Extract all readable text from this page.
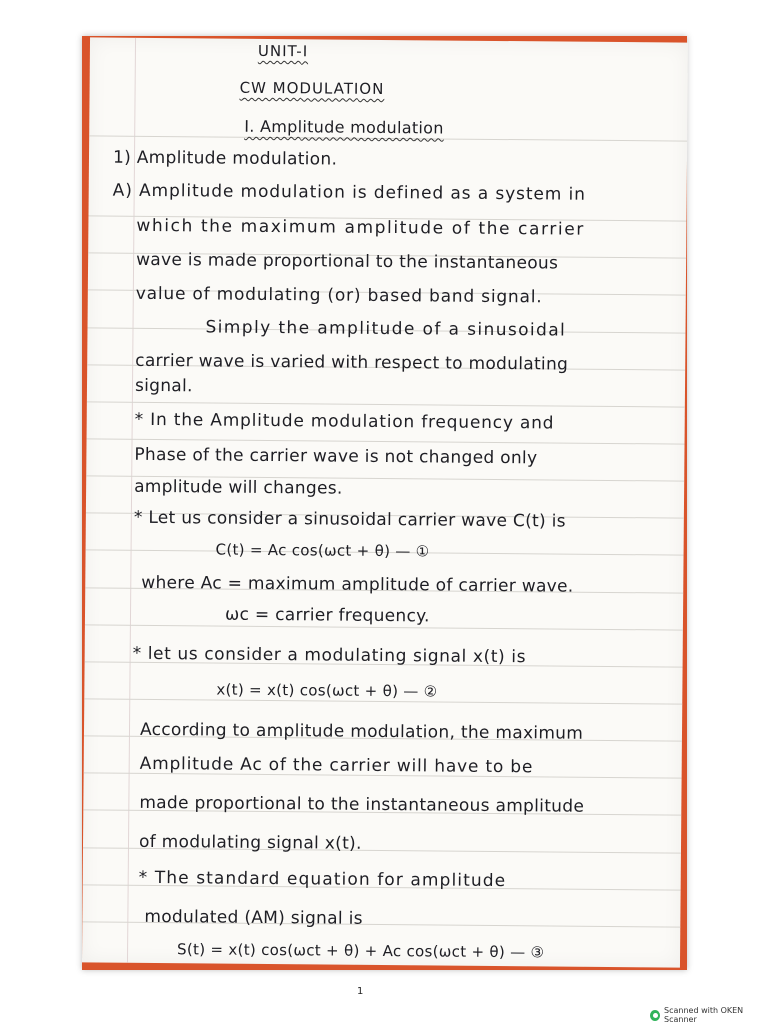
UNIT-I
CW MODULATION
I. Amplitude modulation
1) Amplitude modulation.
A) Amplitude modulation is defined as a system in
which the maximum amplitude of the carrier
wave is made proportional to the instantaneous
value of modulating (or) based band signal.
Simply the amplitude of a sinusoidal
carrier wave is varied with respect to modulating
signal.
* In the Amplitude modulation frequency and
Phase of the carrier wave is not changed only
amplitude will changes.
* Let us consider a sinusoidal carrier wave C(t) is
C(t) = Ac cos(ωct + θ) — ①
where Ac = maximum amplitude of carrier wave.
ωc = carrier frequency.
* let us consider a modulating signal x(t) is
x(t) = x(t) cos(ωct + θ) — ②
According to amplitude modulation, the maximum
Amplitude Ac of the carrier will have to be
made proportional to the instantaneous amplitude
of modulating signal x(t).
* The standard equation for amplitude
modulated (AM) signal is
S(t) = x(t) cos(ωct + θ) + Ac cos(ωct + θ) — ③
1
Scanned with OKEN Scanner
